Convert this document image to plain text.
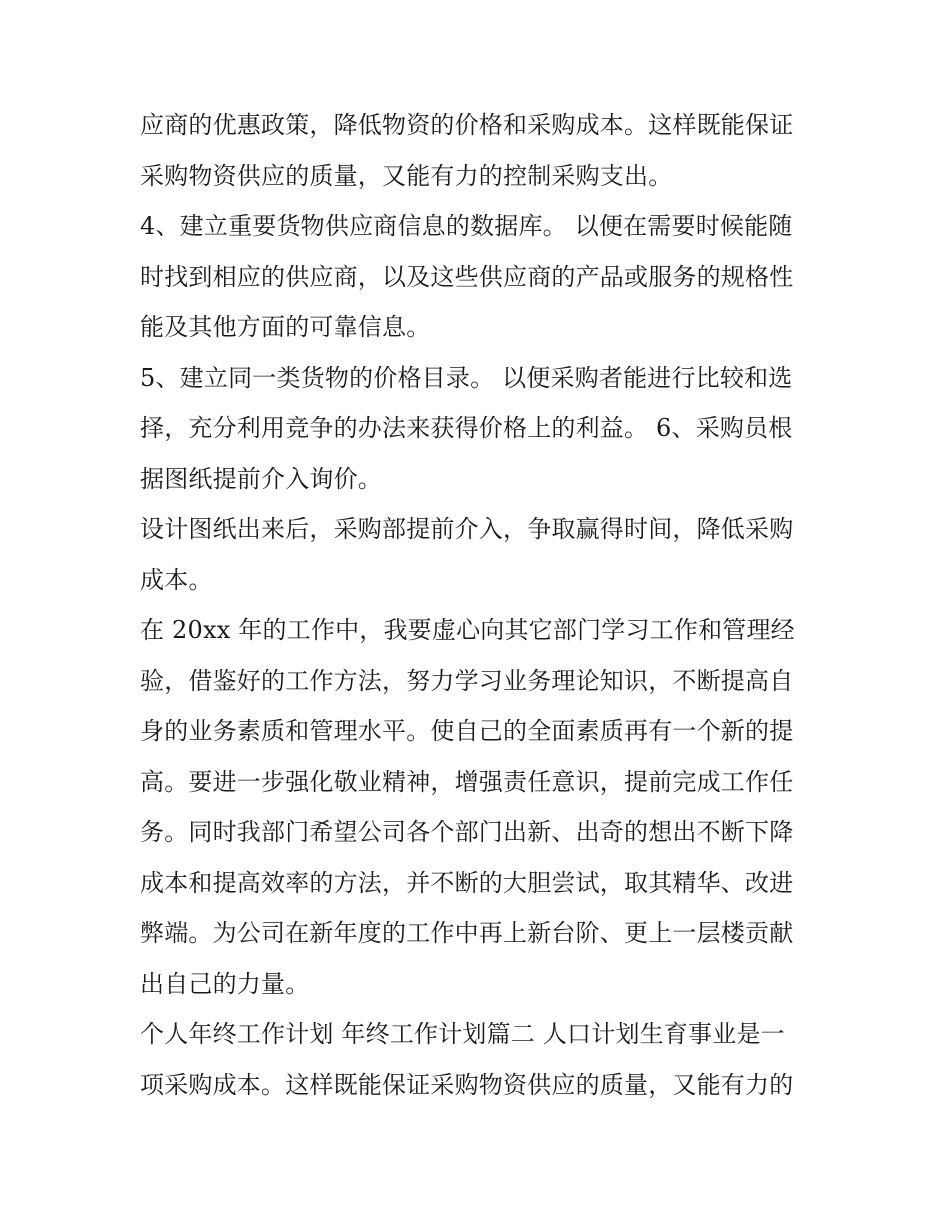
应商的优惠政策，降低物资的价格和采购成本。这样既能保证
采购物资供应的质量，又能有力的控制采购支出。
4、建立重要货物供应商信息的数据库。 以便在需要时候能随
时找到相应的供应商，以及这些供应商的产品或服务的规格性
能及其他方面的可靠信息。
5、建立同一类货物的价格目录。 以便采购者能进行比较和选
择，充分利用竞争的办法来获得价格上的利益。 6、采购员根
据图纸提前介入询价。
设计图纸出来后，采购部提前介入，争取赢得时间，降低采购
成本。
在 20xx 年的工作中，我要虚心向其它部门学习工作和管理经
验，借鉴好的工作方法，努力学习业务理论知识，不断提高自
身的业务素质和管理水平。使自己的全面素质再有一个新的提
高。要进一步强化敬业精神，增强责任意识，提前完成工作任
务。同时我部门希望公司各个部门出新、出奇的想出不断下降
成本和提高效率的方法，并不断的大胆尝试，取其精华、改进
弊端。为公司在新年度的工作中再上新台阶、更上一层楼贡献
出自己的力量。
个人年终工作计划 年终工作计划篇二 人口计划生育事业是一
项采购成本。这样既能保证采购物资供应的质量，又能有力的
